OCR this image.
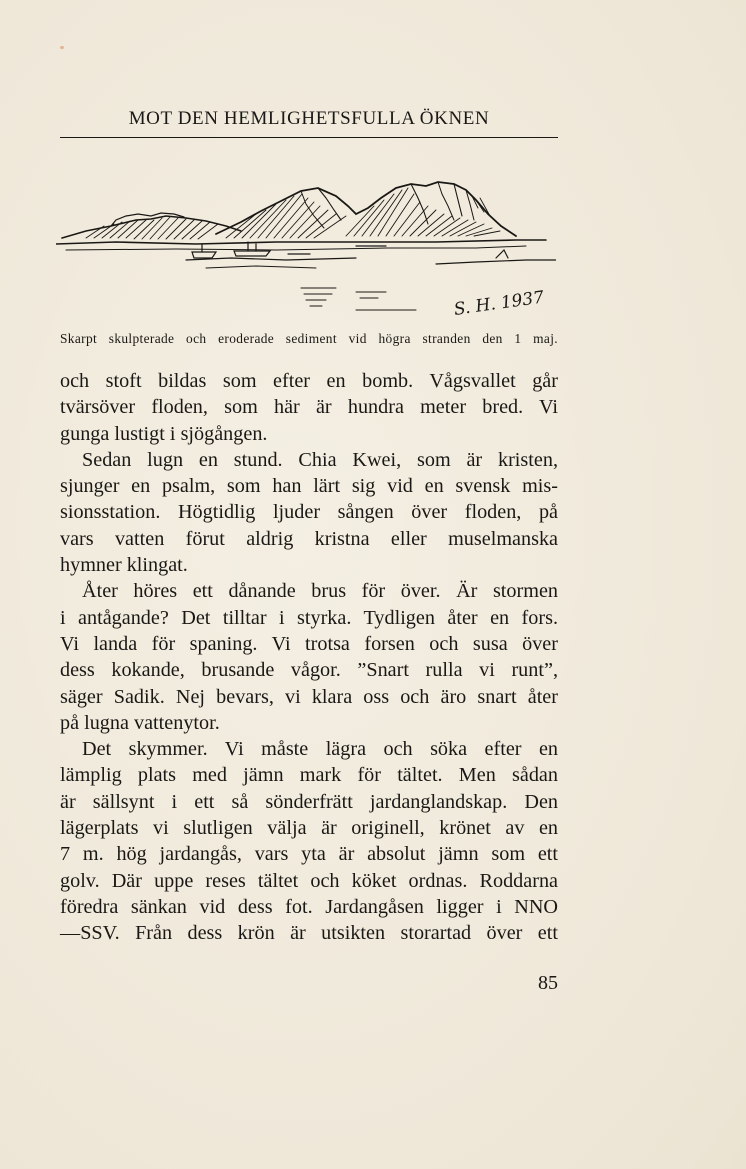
MOT DEN HEMLIGHETSFULLA ÖKNEN
S. H. 1937
Skarpt skulpterade och eroderade sediment vid högra stranden den 1 maj.
och stoft bildas som efter en bomb. Vågsvallet går
tvärsöver floden, som här är hundra meter bred. Vi
gunga lustigt i sjögången.
Sedan lugn en stund. Chia Kwei, som är kristen,
sjunger en psalm, som han lärt sig vid en svensk mis-
sionsstation. Högtidlig ljuder sången över floden, på
vars vatten förut aldrig kristna eller muselmanska
hymner klingat.
Åter höres ett dånande brus för över. Är stormen
i antågande? Det tilltar i styrka. Tydligen åter en fors.
Vi landa för spaning. Vi trotsa forsen och susa över
dess kokande, brusande vågor. ”Snart rulla vi runt”,
säger Sadik. Nej bevars, vi klara oss och äro snart åter
på lugna vattenytor.
Det skymmer. Vi måste lägra och söka efter en
lämplig plats med jämn mark för tältet. Men sådan
är sällsynt i ett så sönderfrätt jardanglandskap. Den
lägerplats vi slutligen välja är originell, krönet av en
7 m. hög jardangås, vars yta är absolut jämn som ett
golv. Där uppe reses tältet och köket ordnas. Roddarna
föredra sänkan vid dess fot. Jardangåsen ligger i NNO
—SSV. Från dess krön är utsikten storartad över ett
85
